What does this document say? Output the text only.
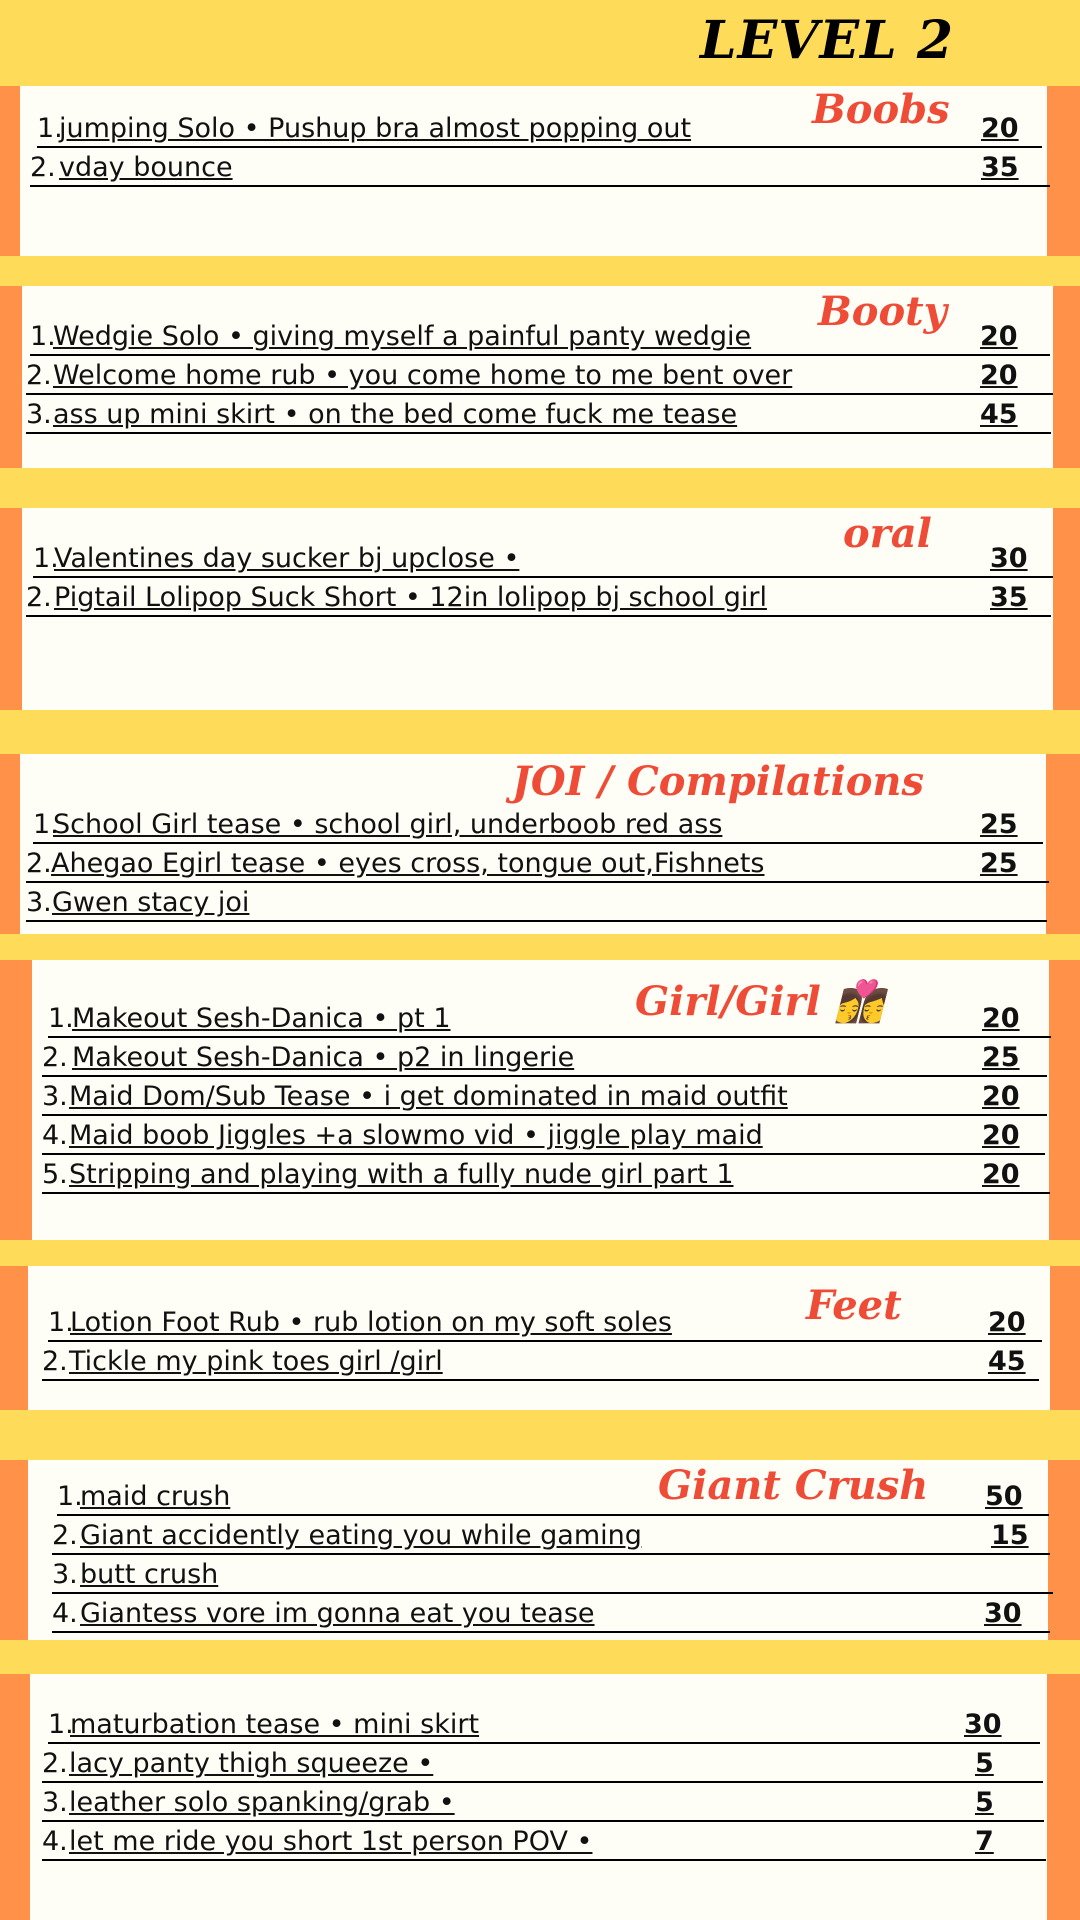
LEVEL 2
Boobs
1.
jumping Solo • Pushup bra almost popping out	20
2. vday bounce	35
Booty
1.
Wedgie Solo • giving myself a painful panty wedgie	20
2. Welcome home rub • you come home to me bent over	20
3. ass up mini skirt • on the bed come fuck me tease	45
oral
1.
Valentines day sucker bj upclose •	30
2. Pigtail Lolipop Suck Short • 12in lolipop bj school girl	35
JOI / Compilations
1.
School Girl tease • school girl, underboob red ass	25
2. Ahegao Egirl tease • eyes cross, tongue out,Fishnets	25
3. Gwen stacy joi
Girl/Girl 👩‍❤️‍💋‍👩
1.
Makeout Sesh-Danica • pt 1	20
2. Makeout Sesh-Danica • p2 in lingerie	25
3. Maid Dom/Sub Tease • i get dominated in maid outfit	20
4. Maid boob Jiggles +a slowmo vid • jiggle play maid	20
5. Stripping and playing with a fully nude girl part 1	20
Feet
1.
Lotion Foot Rub • rub lotion on my soft soles	20
2. Tickle my pink toes girl /girl	45
Giant Crush
1.
maid crush	50
2. Giant accidently eating you while gaming	15
3. butt crush
4. Giantess vore im gonna eat you tease	30
1.
maturbation tease • mini skirt	30
2. lacy panty thigh squeeze •	5
3. leather solo spanking/grab •	5
4. let me ride you short 1st person POV •	7
